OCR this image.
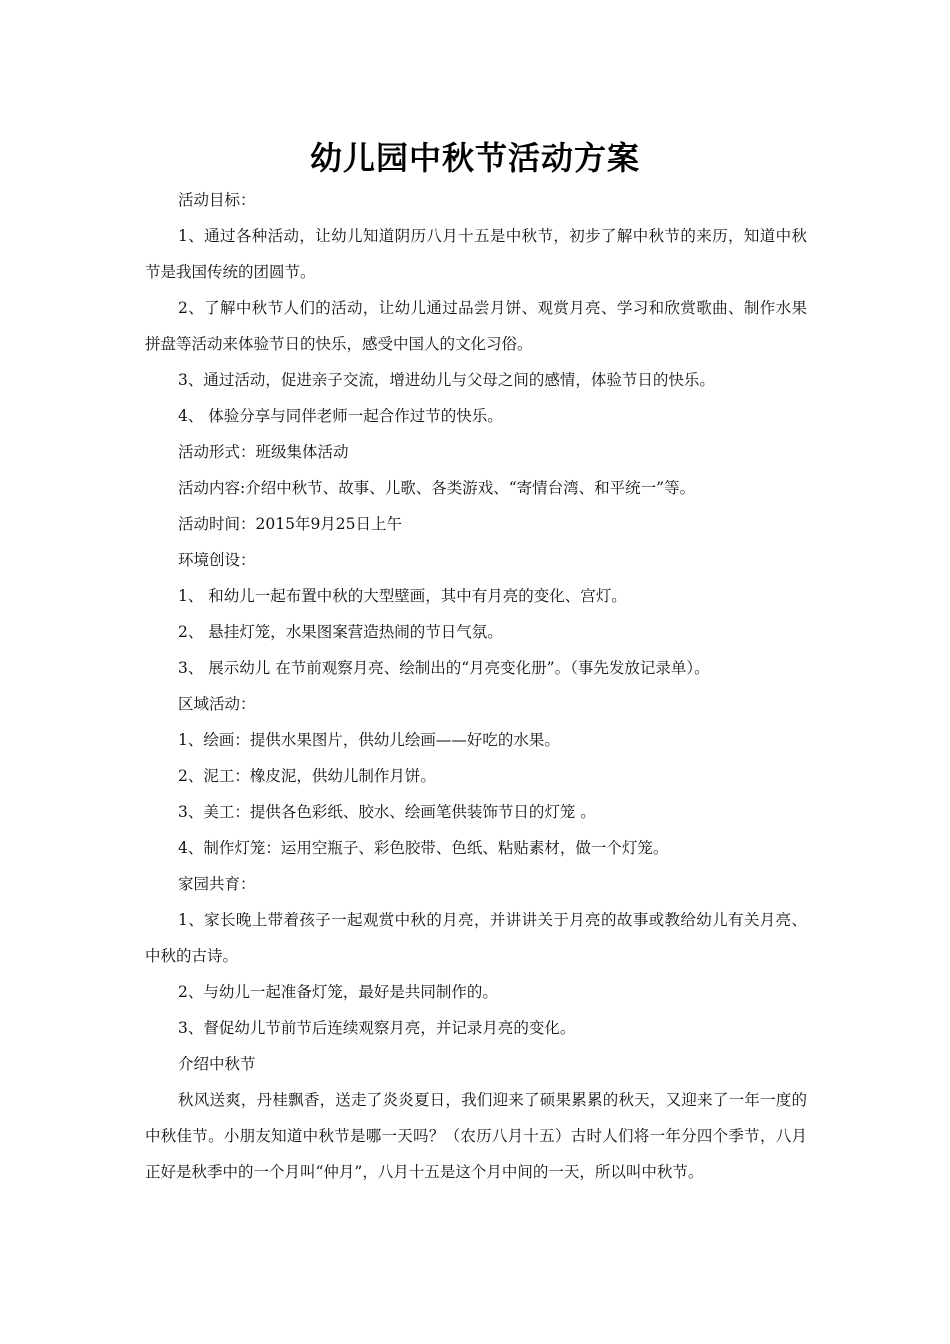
幼儿园中秋节活动方案

活动目标：

1、通过各种活动，让幼儿知道阴历八月十五是中秋节，初步了解中秋节的来历，知道中秋节是我国传统的团圆节。

2、了解中秋节人们的活动，让幼儿通过品尝月饼、观赏月亮、学习和欣赏歌曲、制作水果拼盘等活动来体验节日的快乐，感受中国人的文化习俗。

3、通过活动，促进亲子交流，增进幼儿与父母之间的感情，体验节日的快乐。

4、 体验分享与同伴老师一起合作过节的快乐。

活动形式：班级集体活动

活动内容:介绍中秋节、故事、儿歌、各类游戏、“寄情台湾、和平统一”等。

活动时间：2015年9月25日上午

环境创设：

1、 和幼儿一起布置中秋的大型壁画，其中有月亮的变化、宫灯。

2、 悬挂灯笼，水果图案营造热闹的节日气氛。

3、 展示幼儿 在节前观察月亮、绘制出的“月亮变化册”。（事先发放记录单）。

区域活动：

1、绘画：提供水果图片，供幼儿绘画——好吃的水果。

2、泥工：橡皮泥，供幼儿制作月饼。

3、美工：提供各色彩纸、胶水、绘画笔供装饰节日的灯笼 。

4、制作灯笼：运用空瓶子、彩色胶带、色纸、粘贴素材，做一个灯笼。

家园共育：

1、家长晚上带着孩子一起观赏中秋的月亮，并讲讲关于月亮的故事或教给幼儿有关月亮、中秋的古诗。

2、与幼儿一起准备灯笼，最好是共同制作的。

3、督促幼儿节前节后连续观察月亮，并记录月亮的变化。

介绍中秋节

秋风送爽，丹桂飘香，送走了炎炎夏日，我们迎来了硕果累累的秋天，又迎来了一年一度的中秋佳节。小朋友知道中秋节是哪一天吗？（农历八月十五）古时人们将一年分四个季节，八月正好是秋季中的一个月叫“仲月”，八月十五是这个月中间的一天，所以叫中秋节。
